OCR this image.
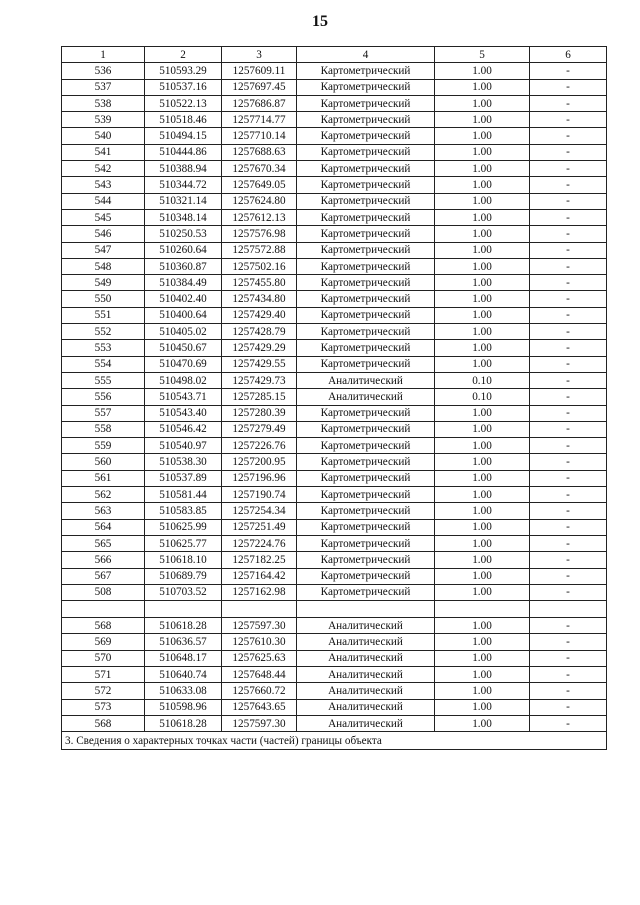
15
1	2	3	4	5	6
536	510593.29	1257609.11	Картометрический	1.00	-
537	510537.16	1257697.45	Картометрический	1.00	-
538	510522.13	1257686.87	Картометрический	1.00	-
539	510518.46	1257714.77	Картометрический	1.00	-
540	510494.15	1257710.14	Картометрический	1.00	-
541	510444.86	1257688.63	Картометрический	1.00	-
542	510388.94	1257670.34	Картометрический	1.00	-
543	510344.72	1257649.05	Картометрический	1.00	-
544	510321.14	1257624.80	Картометрический	1.00	-
545	510348.14	1257612.13	Картометрический	1.00	-
546	510250.53	1257576.98	Картометрический	1.00	-
547	510260.64	1257572.88	Картометрический	1.00	-
548	510360.87	1257502.16	Картометрический	1.00	-
549	510384.49	1257455.80	Картометрический	1.00	-
550	510402.40	1257434.80	Картометрический	1.00	-
551	510400.64	1257429.40	Картометрический	1.00	-
552	510405.02	1257428.79	Картометрический	1.00	-
553	510450.67	1257429.29	Картометрический	1.00	-
554	510470.69	1257429.55	Картометрический	1.00	-
555	510498.02	1257429.73	Аналитический	0.10	-
556	510543.71	1257285.15	Аналитический	0.10	-
557	510543.40	1257280.39	Картометрический	1.00	-
558	510546.42	1257279.49	Картометрический	1.00	-
559	510540.97	1257226.76	Картометрический	1.00	-
560	510538.30	1257200.95	Картометрический	1.00	-
561	510537.89	1257196.96	Картометрический	1.00	-
562	510581.44	1257190.74	Картометрический	1.00	-
563	510583.85	1257254.34	Картометрический	1.00	-
564	510625.99	1257251.49	Картометрический	1.00	-
565	510625.77	1257224.76	Картометрический	1.00	-
566	510618.10	1257182.25	Картометрический	1.00	-
567	510689.79	1257164.42	Картометрический	1.00	-
508	510703.52	1257162.98	Картометрический	1.00	-

568	510618.28	1257597.30	Аналитический	1.00	-
569	510636.57	1257610.30	Аналитический	1.00	-
570	510648.17	1257625.63	Аналитический	1.00	-
571	510640.74	1257648.44	Аналитический	1.00	-
572	510633.08	1257660.72	Аналитический	1.00	-
573	510598.96	1257643.65	Аналитический	1.00	-
568	510618.28	1257597.30	Аналитический	1.00	-
3. Сведения о характерных точках части (частей) границы объекта					
